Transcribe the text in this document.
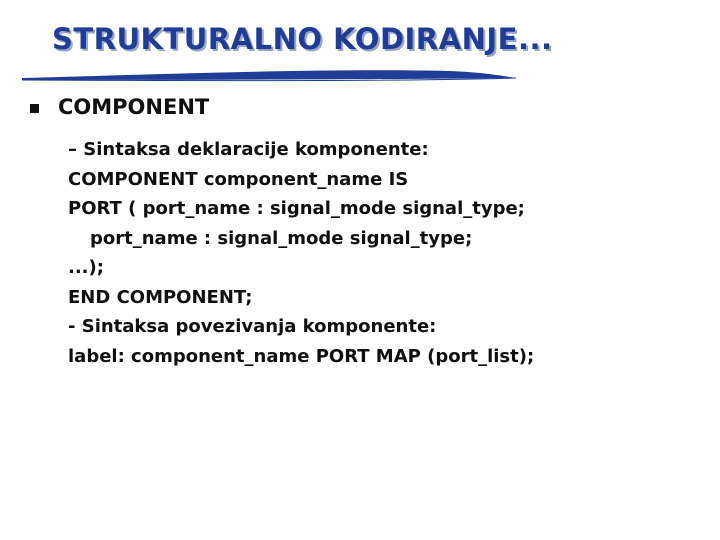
STRUKTURALNO KODIRANJE...
COMPONENT
– Sintaksa deklaracije komponente:
COMPONENT component_name IS
PORT ( port_name : signal_mode signal_type;
port_name : signal_mode signal_type;
...);
END COMPONENT;
- Sintaksa povezivanja komponente:
label: component_name PORT MAP (port_list);
